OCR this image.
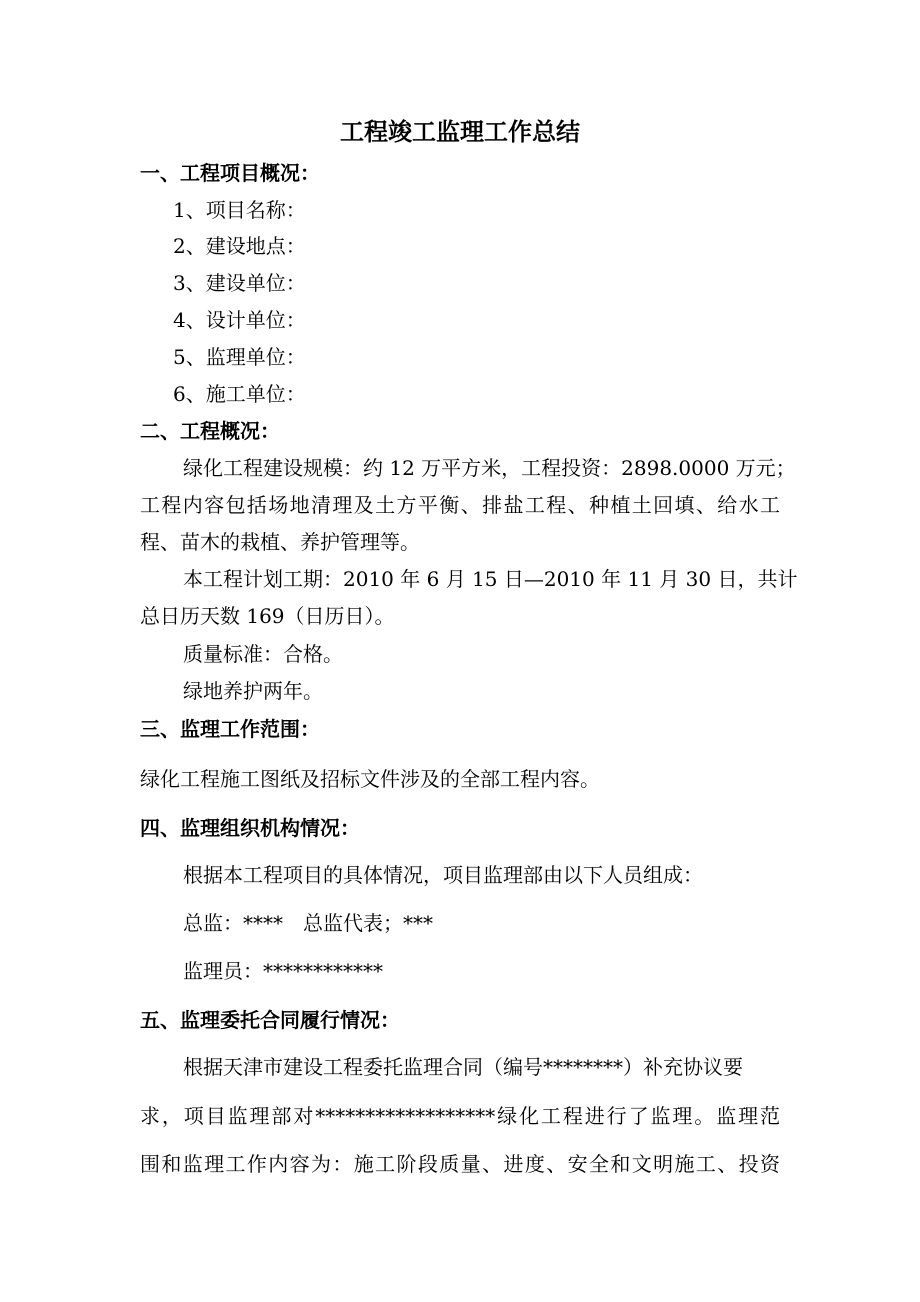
工程竣工监理工作总结
一、工程项目概况：
1、项目名称：
2、建设地点：
3、建设单位：
4、设计单位：
5、监理单位：
6、施工单位：
二、工程概况：
绿化工程建设规模：约 12 万平方米，工程投资：2898.0000 万元；
工程内容包括场地清理及土方平衡、排盐工程、种植土回填、给水工
程、苗木的栽植、养护管理等。
本工程计划工期：2010 年 6 月 15 日—2010 年 11 月 30 日，共计
总日历天数 169（日历日）。
质量标准：合格。
绿地养护两年。
三、监理工作范围：
绿化工程施工图纸及招标文件涉及的全部工程内容。
四、监理组织机构情况：
根据本工程项目的具体情况，项目监理部由以下人员组成：
总监：****　总监代表；***
监理员：************
五、监理委托合同履行情况：
根据天津市建设工程委托监理合同（编号********）补充协议要
求，项目监理部对******************绿化工程进行了监理。监理范
围和监理工作内容为：施工阶段质量、进度、安全和文明施工、投资
